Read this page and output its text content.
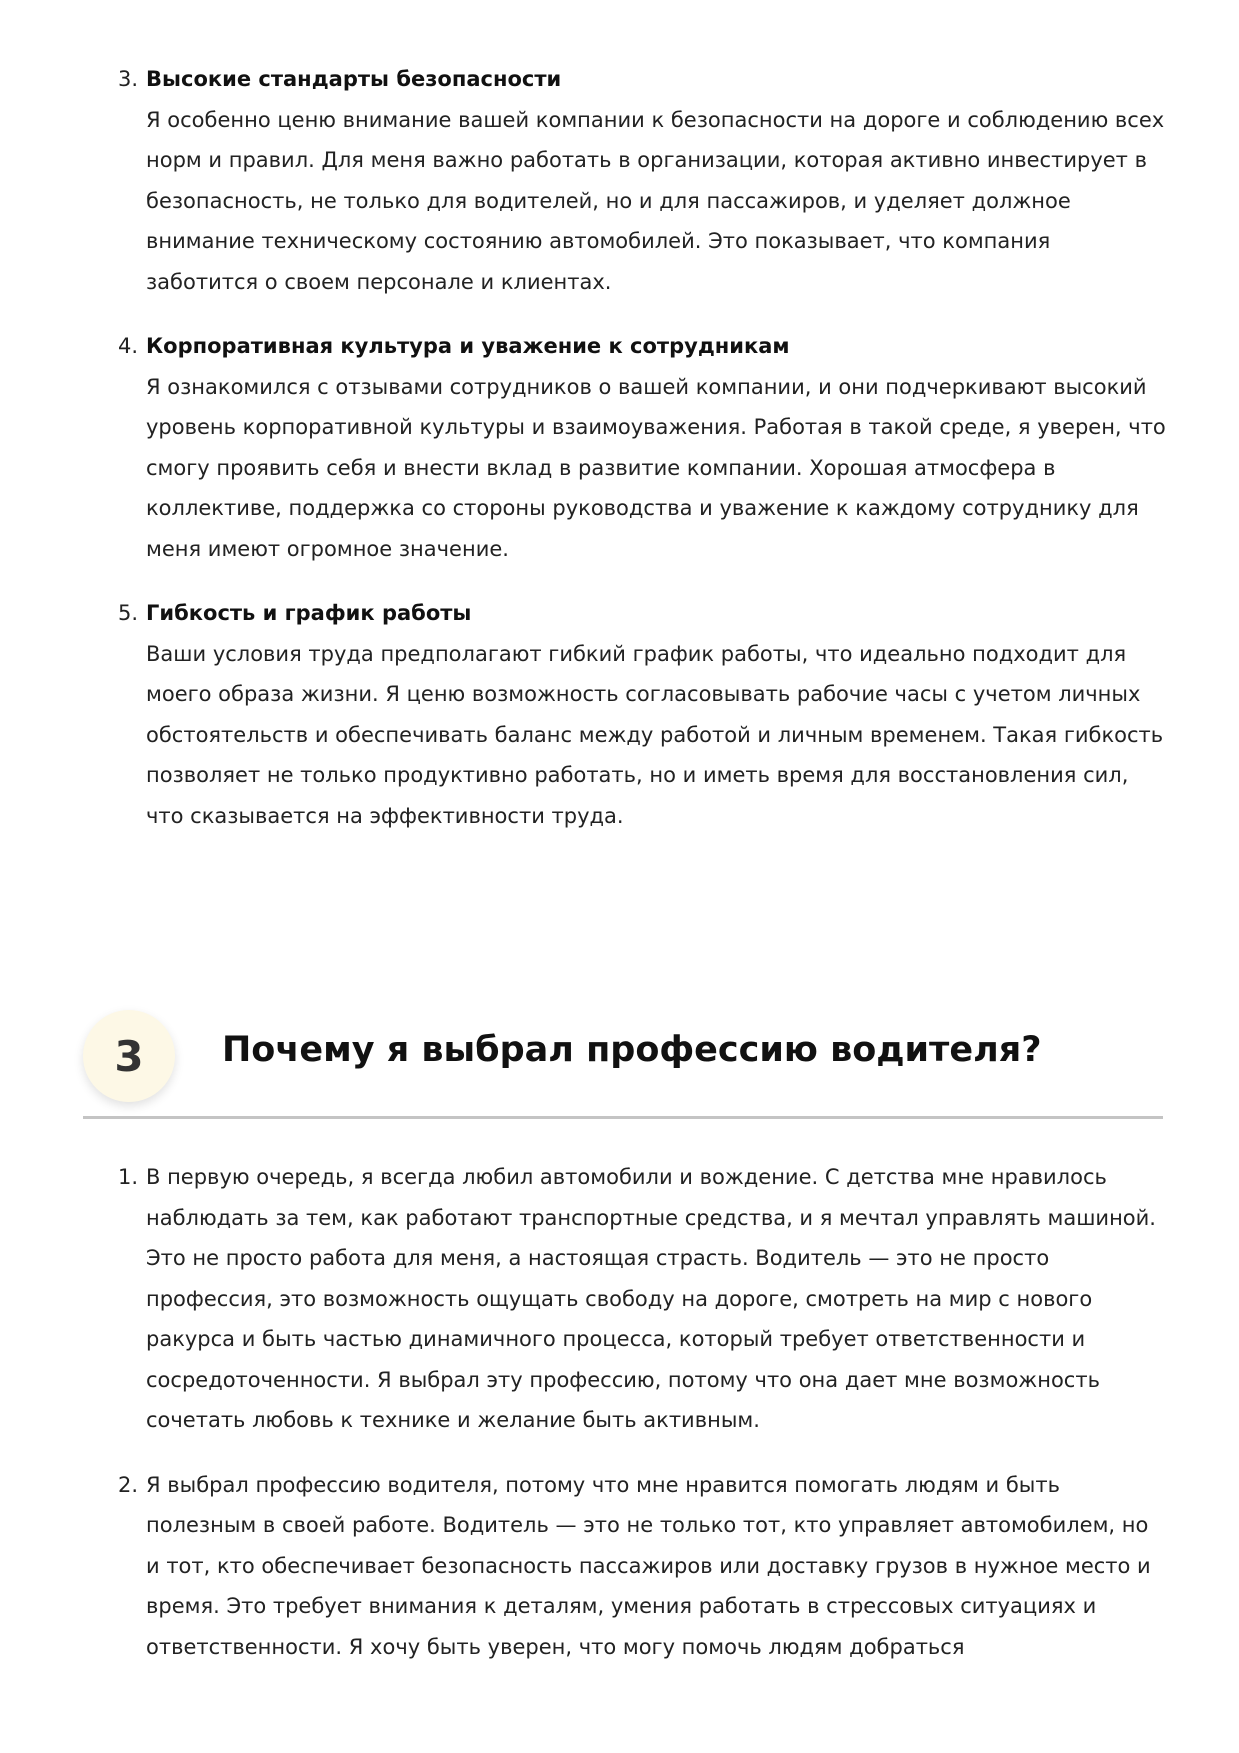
3. Высокие стандарты безопасности
Я особенно ценю внимание вашей компании к безопасности на дороге и соблюдению всех норм и правил. Для меня важно работать в организации, которая активно инвестирует в безопасность, не только для водителей, но и для пассажиров, и уделяет должное внимание техническому состоянию автомобилей. Это показывает, что компания заботится о своем персонале и клиентах.
4. Корпоративная культура и уважение к сотрудникам
Я ознакомился с отзывами сотрудников о вашей компании, и они подчеркивают высокий уровень корпоративной культуры и взаимоуважения. Работая в такой среде, я уверен, что смогу проявить себя и внести вклад в развитие компании. Хорошая атмосфера в коллективе, поддержка со стороны руководства и уважение к каждому сотруднику для меня имеют огромное значение.
5. Гибкость и график работы
Ваши условия труда предполагают гибкий график работы, что идеально подходит для моего образа жизни. Я ценю возможность согласовывать рабочие часы с учетом личных обстоятельств и обеспечивать баланс между работой и личным временем. Такая гибкость позволяет не только продуктивно работать, но и иметь время для восстановления сил, что сказывается на эффективности труда.
3	Почему я выбрал профессию водителя?
1. В первую очередь, я всегда любил автомобили и вождение. С детства мне нравилось наблюдать за тем, как работают транспортные средства, и я мечтал управлять машиной. Это не просто работа для меня, а настоящая страсть. Водитель — это не просто профессия, это возможность ощущать свободу на дороге, смотреть на мир с нового ракурса и быть частью динамичного процесса, который требует ответственности и сосредоточенности. Я выбрал эту профессию, потому что она дает мне возможность сочетать любовь к технике и желание быть активным.
2. Я выбрал профессию водителя, потому что мне нравится помогать людям и быть полезным в своей работе. Водитель — это не только тот, кто управляет автомобилем, но и тот, кто обеспечивает безопасность пассажиров или доставку грузов в нужное место и время. Это требует внимания к деталям, умения работать в стрессовых ситуациях и ответственности. Я хочу быть уверен, что могу помочь людям добраться
